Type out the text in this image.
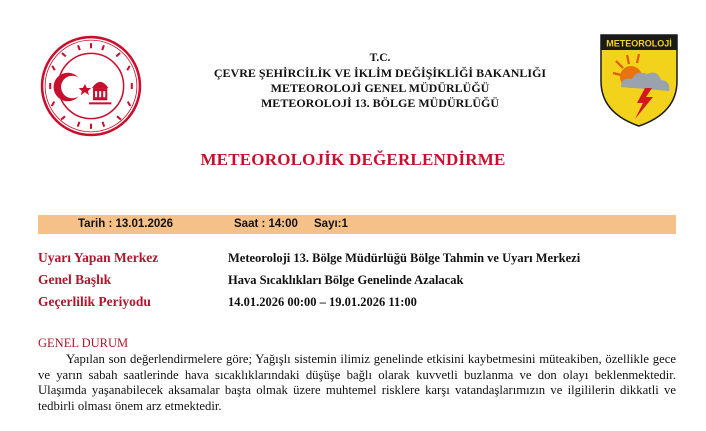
METEOROLOJİ
T.C.
ÇEVRE ŞEHİRCİLİK VE İKLİM DEĞİŞİKLİĞİ BAKANLIĞI
METEOROLOJİ GENEL MÜDÜRLÜĞÜ
METEOROLOJİ 13. BÖLGE MÜDÜRLÜĞÜ
METEOROLOJİK DEĞERLENDİRME
Tarih : 13.01.2026	Saat : 14:00 Sayı:1
Uyarı Yapan Merkez	Meteoroloji 13. Bölge Müdürlüğü Bölge Tahmin ve Uyarı Merkezi
Genel Başlık	Hava Sıcaklıkları Bölge Genelinde Azalacak
Geçerlilik Periyodu	14.01.2026 00:00 – 19.01.2026 11:00
GENEL DURUM
Yapılan son değerlendirmelere göre; Yağışlı sistemin ilimiz genelinde etkisini kaybetmesini müteakiben, özellikle gece ve yarın sabah saatlerinde hava sıcaklıklarındaki düşüşe bağlı olarak kuvvetli buzlanma ve don olayı beklenmektedir. Ulaşımda yaşanabilecek aksamalar başta olmak üzere muhtemel risklere karşı vatandaşlarımızın ve ilgililerin dikkatli ve tedbirli olması önem arz etmektedir.
